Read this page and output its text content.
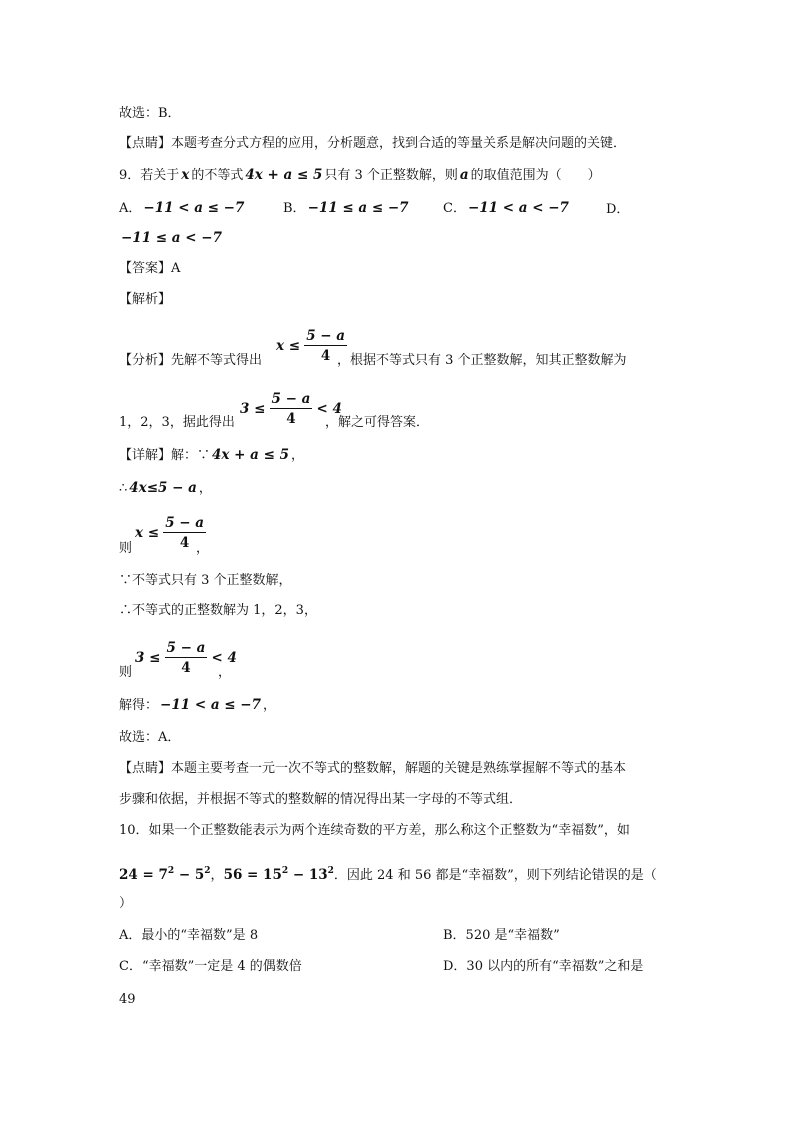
故选：B．
【点睛】本题考查分式方程的应用，分析题意，找到合适的等量关系是解决问题的关键．
9．若关于 x 的不等式 4x + a ≤ 5 只有 3 个正整数解，则 a 的取值范围为（　　）
A． −11 < a ≤ −7	B． −11 ≤ a ≤ −7	C． −11 < a < −7	D．
−11 ≤ a < −7
【答案】A
【解析】
【分析】先解不等式得出
$x \le \frac{5 - a}{4}$
，根据不等式只有 3 个正整数解，知其正整数解为
1，2，3，据此得出
$3 \le \frac{5 - a}{4} < 4$
，解之可得答案．
【详解】解：∵ 4x + a ≤ 5 ，
∴ 4x≤5 − a ，
则
$x \le \frac{5 - a}{4}$
，
∵不等式只有 3 个正整数解，
∴不等式的正整数解为 1，2，3，
则
$3 \le \frac{5 - a}{4} < 4$
，
解得： −11 < a ≤ −7 ，
故选：A．
【点睛】本题主要考查一元一次不等式的整数解，解题的关键是熟练掌握解不等式的基本
步骤和依据，并根据不等式的整数解的情况得出某一字母的不等式组．
10．如果一个正整数能表示为两个连续奇数的平方差，那么称这个正整数为“幸福数”，如
$24 = 7^2 - 5^2$，$56 = 15^2 - 13^2$．因此 24 和 56 都是“幸福数”，则下列结论错误的是（
）
A．最小的“幸福数”是 8	B．520 是“幸福数”
C．“幸福数”一定是 4 的偶数倍	D．30 以内的所有“幸福数”之和是
49
